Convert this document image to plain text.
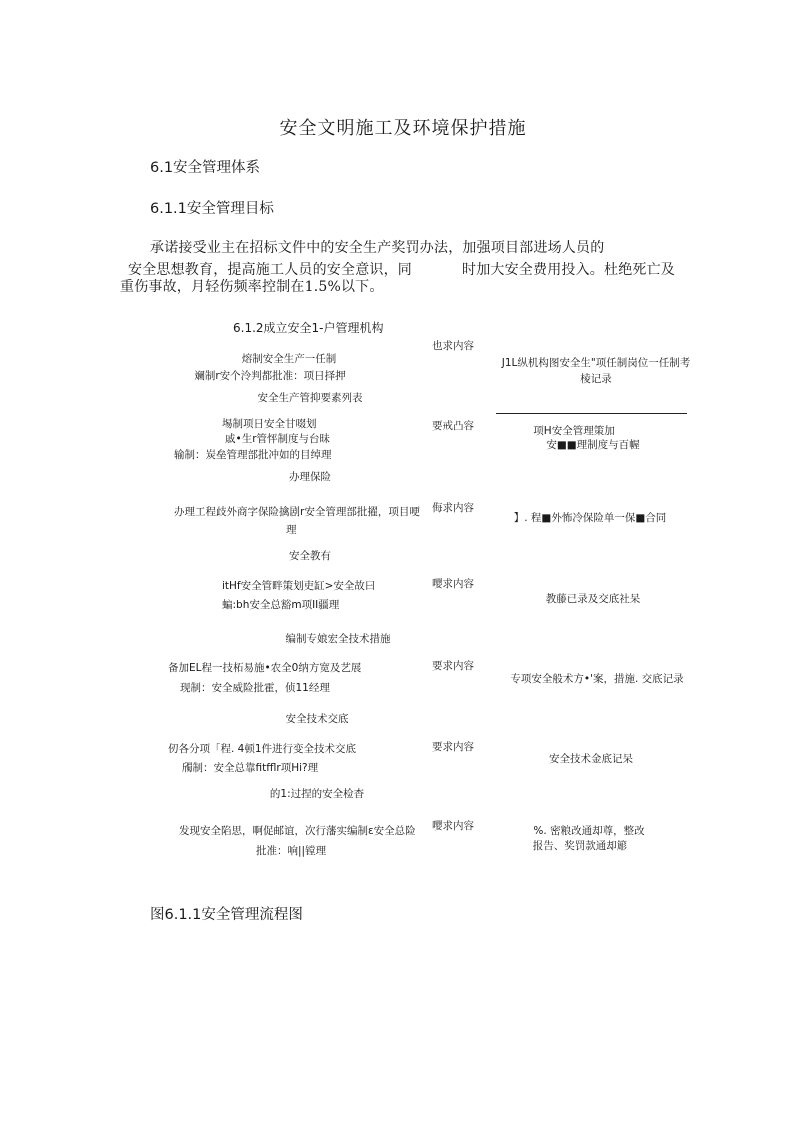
安全文明施工及环境保护措施
6.1安全管理体系
6.1.1安全管理目标
承诺接受业主在招标文件中的安全生产奖罚办法，加强项目部进场人员的
安全思想教育，提高施工人员的安全意识，同	时加大安全费用投入。杜绝死亡及
重伤事故，月轻伤频率控制在1.5%以下。
6.1.2成立安全1-户管理机构
也求内容
熔制安全生产一任制
斓制r安个泠判都批准：项日择押
J1L纵机构图安全生"项任制岗位一任制考
棱记录
安全生产管抑要素列表
埸制项日安全甘啜划
戚•生r管怦制度与台昧
输制：炭垒管理部批冲如的目绰理
要戒凸容	项H安全管理策加
安■■理制度与百幄
办理保险
办理工程歧外商字保险擒剧r安全管理部批擢，项目哽
理
侮求内容
】. 程■外怖冷保险单一保■合同
安全教有
itHf安全管畔策划吏缸>安全故曰
蝙:bh安全总豁m项II疆理
嘤求内容
教藤已录及交底社呆
编制专娘宏全技术措施
备加EL程一技柘易施•农全0纳方宽及艺展
现制：安全威险批霍，侦11经理
要求内容
专项安全般术方•'案，措施. 交底记录
安全技术交底
仞各分项「程. 4顿1件进行变全技术交底
斶制：安全总靠fitfflr项Hi?理
要求内容
安全技术金底记呆
的1:过捏的安全检杳
发现安全陷思，啊促邮谊，次行藩实编制ε安全总险
批准：响||镗理
嘤求内容	%. 密粮改通却尊，整改
报告、奖罚款通却簓
图6.1.1安全管理流程图
